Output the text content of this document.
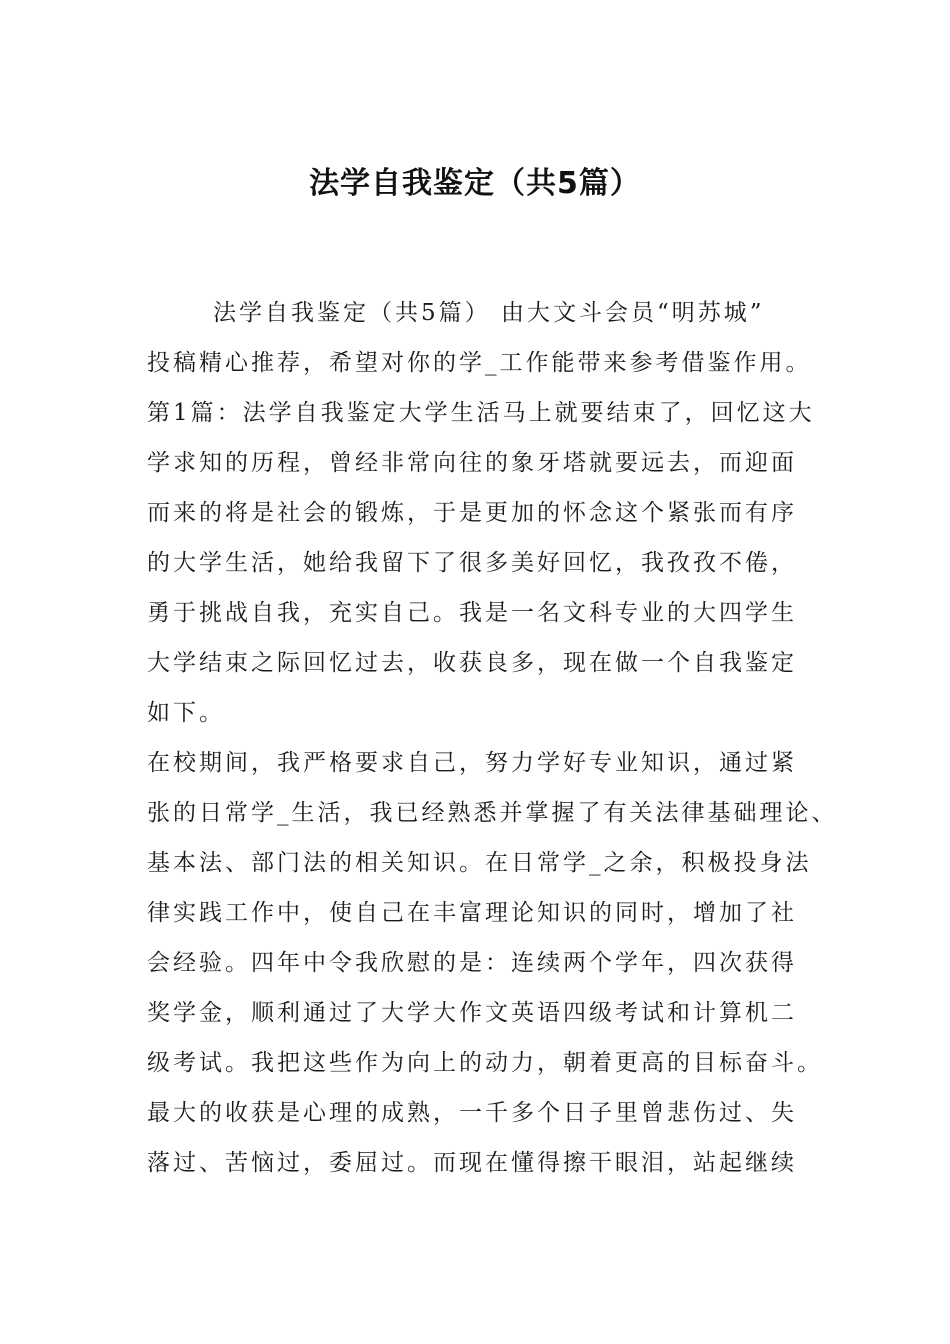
法学自我鉴定（共5篇）

法学自我鉴定（共5篇） 由大文斗会员“明苏城”

投稿精心推荐，希望对你的学_工作能带来参考借鉴作用。

第1篇：法学自我鉴定大学生活马上就要结束了，回忆这大

学求知的历程，曾经非常向往的象牙塔就要远去，而迎面

而来的将是社会的锻炼，于是更加的怀念这个紧张而有序

的大学生活，她给我留下了很多美好回忆，我孜孜不倦，

勇于挑战自我，充实自己。我是一名文科专业的大四学生

大学结束之际回忆过去，收获良多，现在做一个自我鉴定

如下。

在校期间，我严格要求自己，努力学好专业知识，通过紧

张的日常学_生活，我已经熟悉并掌握了有关法律基础理论、

基本法、部门法的相关知识。在日常学_之余，积极投身法

律实践工作中，使自己在丰富理论知识的同时，增加了社

会经验。四年中令我欣慰的是：连续两个学年，四次获得

奖学金，顺利通过了大学大作文英语四级考试和计算机二

级考试。我把这些作为向上的动力，朝着更高的目标奋斗。

最大的收获是心理的成熟，一千多个日子里曾悲伤过、失

落过、苦恼过，委屈过。而现在懂得擦干眼泪，站起继续
